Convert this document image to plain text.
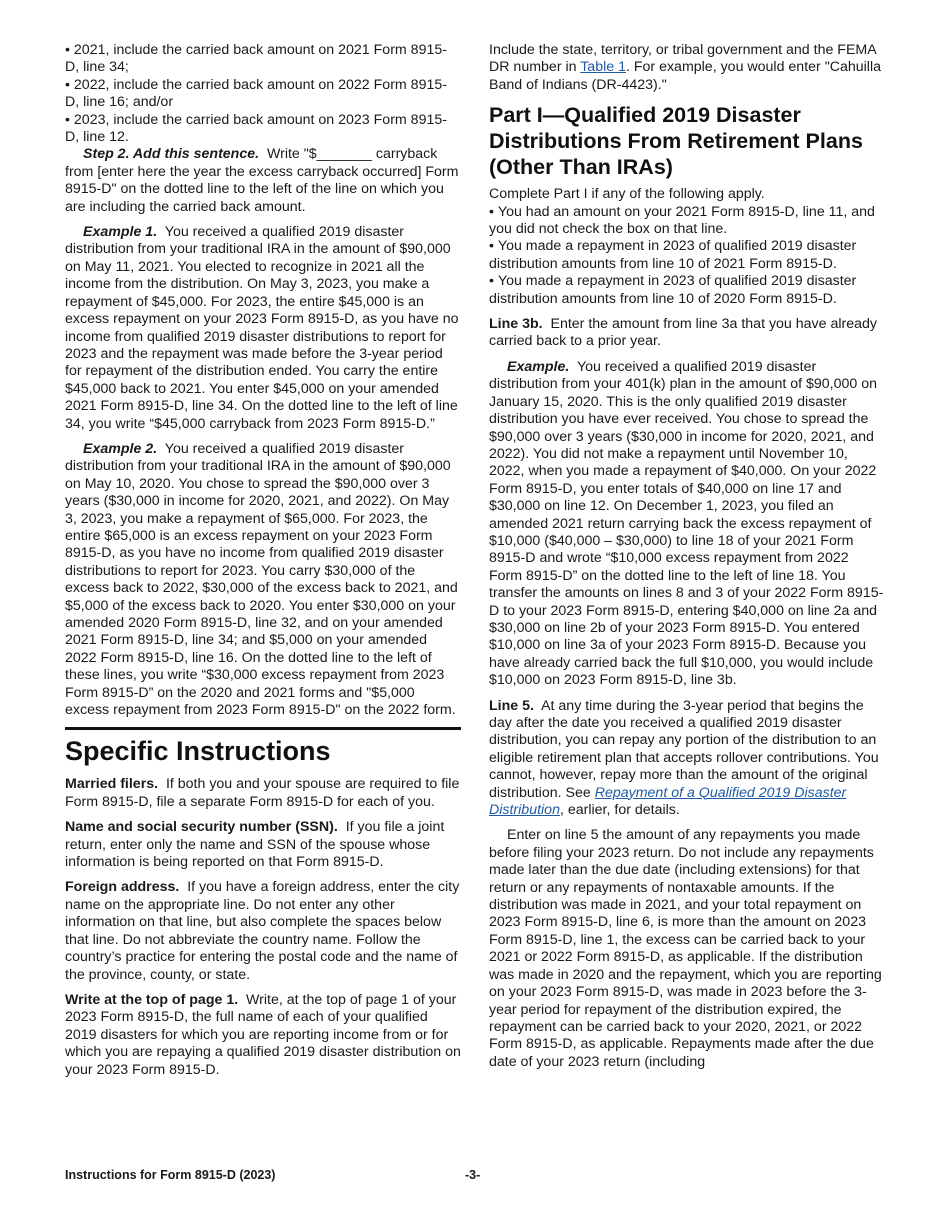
• 2021, include the carried back amount on 2021 Form 8915-D, line 34;

• 2022, include the carried back amount on 2022 Form 8915-D, line 16; and/or

• 2023, include the carried back amount on 2023 Form 8915-D, line 12.

Step 2. Add this sentence. Write "$_______ carryback from [enter here the year the excess carryback occurred] Form 8915-D" on the dotted line to the left of the line on which you are including the carried back amount.

Example 1. You received a qualified 2019 disaster distribution from your traditional IRA in the amount of $90,000 on May 11, 2021. You elected to recognize in 2021 all the income from the distribution. On May 3, 2023, you make a repayment of $45,000. For 2023, the entire $45,000 is an excess repayment on your 2023 Form 8915-D, as you have no income from qualified 2019 disaster distributions to report for 2023 and the repayment was made before the 3-year period for repayment of the distribution ended. You carry the entire $45,000 back to 2021. You enter $45,000 on your amended 2021 Form 8915-D, line 34. On the dotted line to the left of line 34, you write “$45,000 carryback from 2023 Form 8915-D.”

Example 2. You received a qualified 2019 disaster distribution from your traditional IRA in the amount of $90,000 on May 10, 2020. You chose to spread the $90,000 over 3 years ($30,000 in income for 2020, 2021, and 2022). On May 3, 2023, you make a repayment of $65,000. For 2023, the entire $65,000 is an excess repayment on your 2023 Form 8915-D, as you have no income from qualified 2019 disaster distributions to report for 2023. You carry $30,000 of the excess back to 2022, $30,000 of the excess back to 2021, and $5,000 of the excess back to 2020. You enter $30,000 on your amended 2020 Form 8915-D, line 32, and on your amended 2021 Form 8915-D, line 34; and $5,000 on your amended 2022 Form 8915-D, line 16. On the dotted line to the left of these lines, you write “$30,000 excess repayment from 2023 Form 8915-D” on the 2020 and 2021 forms and "$5,000 excess repayment from 2023 Form 8915-D" on the 2022 form.

Specific Instructions

Married filers. If both you and your spouse are required to file Form 8915-D, file a separate Form 8915-D for each of you.

Name and social security number (SSN). If you file a joint return, enter only the name and SSN of the spouse whose information is being reported on that Form 8915-D.

Foreign address. If you have a foreign address, enter the city name on the appropriate line. Do not enter any other information on that line, but also complete the spaces below that line. Do not abbreviate the country name. Follow the country’s practice for entering the postal code and the name of the province, county, or state.

Write at the top of page 1. Write, at the top of page 1 of your 2023 Form 8915-D, the full name of each of your qualified 2019 disasters for which you are reporting income from or for which you are repaying a qualified 2019 disaster distribution on your 2023 Form 8915-D.

Include the state, territory, or tribal government and the FEMA DR number in Table 1. For example, you would enter "Cahuilla Band of Indians (DR-4423)."

Part I—Qualified 2019 Disaster Distributions From Retirement Plans (Other Than IRAs)

Complete Part I if any of the following apply.

• You had an amount on your 2021 Form 8915-D, line 11, and you did not check the box on that line.

• You made a repayment in 2023 of qualified 2019 disaster distribution amounts from line 10 of 2021 Form 8915-D.

• You made a repayment in 2023 of qualified 2019 disaster distribution amounts from line 10 of 2020 Form 8915-D.

Line 3b. Enter the amount from line 3a that you have already carried back to a prior year.

Example. You received a qualified 2019 disaster distribution from your 401(k) plan in the amount of $90,000 on January 15, 2020. This is the only qualified 2019 disaster distribution you have ever received. You chose to spread the $90,000 over 3 years ($30,000 in income for 2020, 2021, and 2022). You did not make a repayment until November 10, 2022, when you made a repayment of $40,000. On your 2022 Form 8915-D, you enter totals of $40,000 on line 17 and $30,000 on line 12. On December 1, 2023, you filed an amended 2021 return carrying back the excess repayment of $10,000 ($40,000 – $30,000) to line 18 of your 2021 Form 8915-D and wrote “$10,000 excess repayment from 2022 Form 8915-D” on the dotted line to the left of line 18. You transfer the amounts on lines 8 and 3 of your 2022 Form 8915-D to your 2023 Form 8915-D, entering $40,000 on line 2a and $30,000 on line 2b of your 2023 Form 8915-D. You entered $10,000 on line 3a of your 2023 Form 8915-D. Because you have already carried back the full $10,000, you would include $10,000 on 2023 Form 8915-D, line 3b.

Line 5. At any time during the 3-year period that begins the day after the date you received a qualified 2019 disaster distribution, you can repay any portion of the distribution to an eligible retirement plan that accepts rollover contributions. You cannot, however, repay more than the amount of the original distribution. See Repayment of a Qualified 2019 Disaster Distribution, earlier, for details.

Enter on line 5 the amount of any repayments you made before filing your 2023 return. Do not include any repayments made later than the due date (including extensions) for that return or any repayments of nontaxable amounts. If the distribution was made in 2021, and your total repayment on 2023 Form 8915-D, line 6, is more than the amount on 2023 Form 8915-D, line 1, the excess can be carried back to your 2021 or 2022 Form 8915-D, as applicable. If the distribution was made in 2020 and the repayment, which you are reporting on your 2023 Form 8915-D, was made in 2023 before the 3-year period for repayment of the distribution expired, the repayment can be carried back to your 2020, 2021, or 2022 Form 8915-D, as applicable. Repayments made after the due date of your 2023 return (including

Instructions for Form 8915-D (2023)	-3-
